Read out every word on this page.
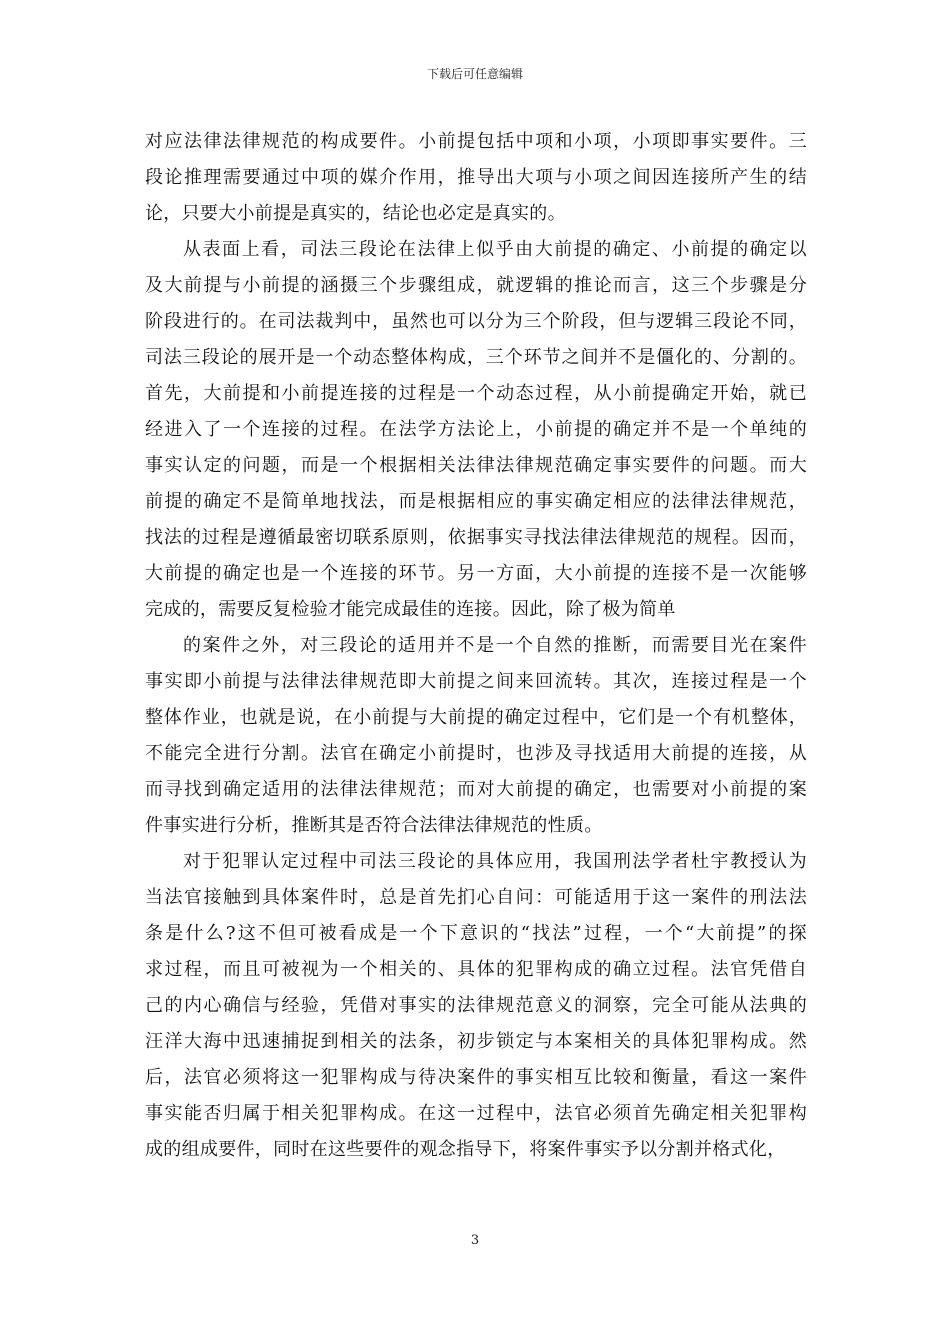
下载后可任意编辑
对应法律法律规范的构成要件。小前提包括中项和小项，小项即事实要件。三
段论推理需要通过中项的媒介作用，推导出大项与小项之间因连接所产生的结
论，只要大小前提是真实的，结论也必定是真实的。
从表面上看，司法三段论在法律上似乎由大前提的确定、小前提的确定以
及大前提与小前提的涵摄三个步骤组成，就逻辑的推论而言，这三个步骤是分
阶段进行的。在司法裁判中，虽然也可以分为三个阶段，但与逻辑三段论不同，
司法三段论的展开是一个动态整体构成，三个环节之间并不是僵化的、分割的。
首先，大前提和小前提连接的过程是一个动态过程，从小前提确定开始，就已
经进入了一个连接的过程。在法学方法论上，小前提的确定并不是一个单纯的
事实认定的问题，而是一个根据相关法律法律规范确定事实要件的问题。而大
前提的确定不是简单地找法，而是根据相应的事实确定相应的法律法律规范，
找法的过程是遵循最密切联系原则，依据事实寻找法律法律规范的规程。因而，
大前提的确定也是一个连接的环节。另一方面，大小前提的连接不是一次能够
完成的，需要反复检验才能完成最佳的连接。因此，除了极为简单
的案件之外，对三段论的适用并不是一个自然的推断，而需要目光在案件
事实即小前提与法律法律规范即大前提之间来回流转。其次，连接过程是一个
整体作业，也就是说，在小前提与大前提的确定过程中，它们是一个有机整体，
不能完全进行分割。法官在确定小前提时，也涉及寻找适用大前提的连接，从
而寻找到确定适用的法律法律规范；而对大前提的确定，也需要对小前提的案
件事实进行分析，推断其是否符合法律法律规范的性质。
对于犯罪认定过程中司法三段论的具体应用，我国刑法学者杜宇教授认为
当法官接触到具体案件时，总是首先扪心自问：可能适用于这一案件的刑法法
条是什么?这不但可被看成是一个下意识的“找法”过程，一个“大前提”的探
求过程，而且可被视为一个相关的、具体的犯罪构成的确立过程。法官凭借自
己的内心确信与经验，凭借对事实的法律规范意义的洞察，完全可能从法典的
汪洋大海中迅速捕捉到相关的法条，初步锁定与本案相关的具体犯罪构成。然
后，法官必须将这一犯罪构成与待决案件的事实相互比较和衡量，看这一案件
事实能否归属于相关犯罪构成。在这一过程中，法官必须首先确定相关犯罪构
成的组成要件，同时在这些要件的观念指导下，将案件事实予以分割并格式化，
3
